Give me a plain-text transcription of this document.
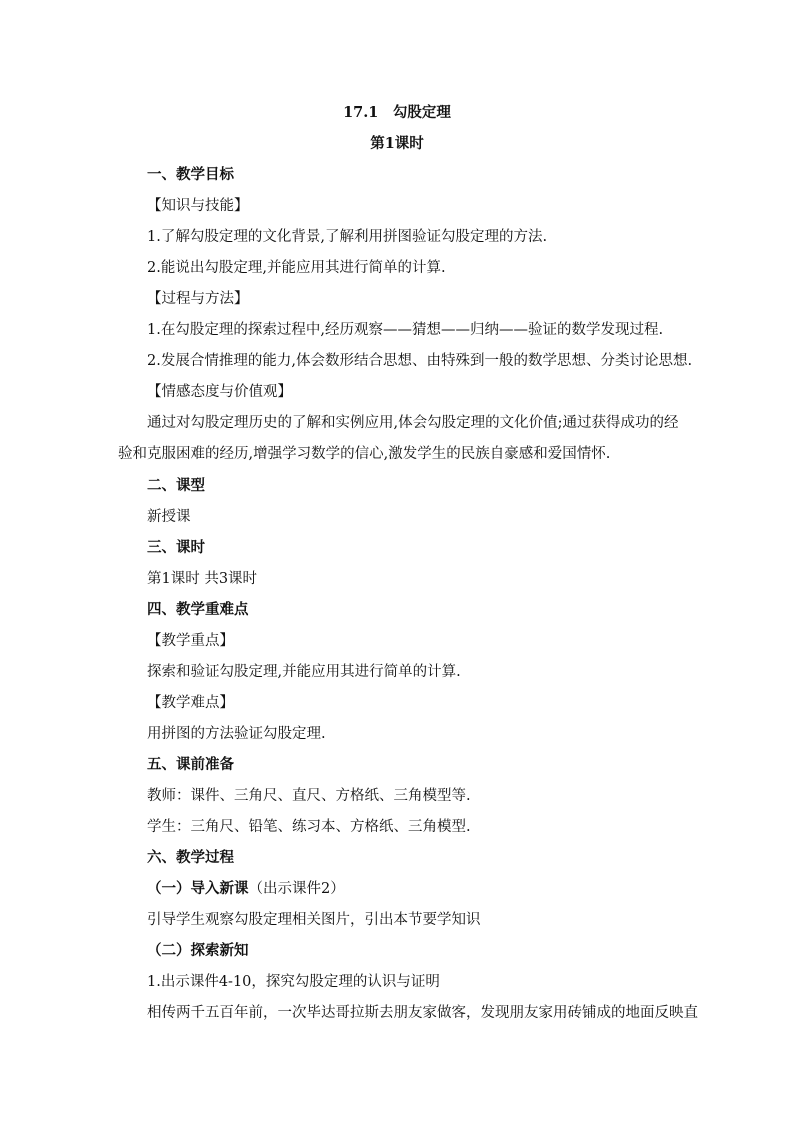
17.1　勾股定理
第1课时
一、教学目标
【知识与技能】
1.了解勾股定理的文化背景,了解利用拼图验证勾股定理的方法.
2.能说出勾股定理,并能应用其进行简单的计算.
【过程与方法】
1.在勾股定理的探索过程中,经历观察——猜想——归纳——验证的数学发现过程.
2.发展合情推理的能力,体会数形结合思想、由特殊到一般的数学思想、分类讨论思想.
【情感态度与价值观】
通过对勾股定理历史的了解和实例应用,体会勾股定理的文化价值;通过获得成功的经
验和克服困难的经历,增强学习数学的信心,激发学生的民族自豪感和爱国情怀.
二、课型
新授课
三、课时
第1课时 共3课时
四、教学重难点
【教学重点】
探索和验证勾股定理,并能应用其进行简单的计算.
【教学难点】
用拼图的方法验证勾股定理.
五、课前准备
教师：课件、三角尺、直尺、方格纸、三角模型等.
学生：三角尺、铅笔、练习本、方格纸、三角模型.
六、教学过程
（一）导入新课（出示课件2）
引导学生观察勾股定理相关图片，引出本节要学知识
（二）探索新知
1.出示课件4-10，探究勾股定理的认识与证明
相传两千五百年前，一次毕达哥拉斯去朋友家做客，发现朋友家用砖铺成的地面反映直
